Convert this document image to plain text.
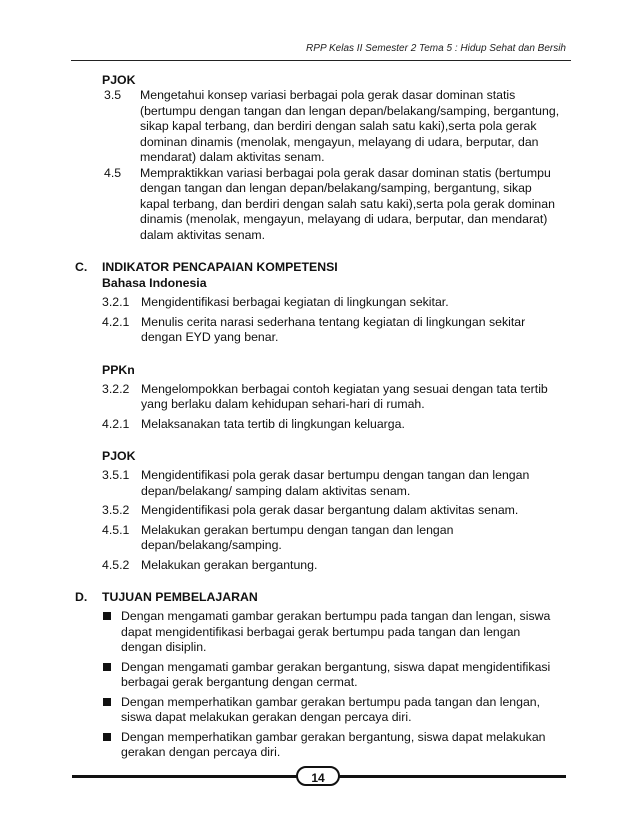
RPP Kelas II Semester 2 Tema 5 : Hidup Sehat dan Bersih
PJOK
3.5 Mengetahui konsep variasi berbagai pola gerak dasar dominan statis (bertumpu dengan tangan dan lengan depan/belakang/samping, bergantung, sikap kapal terbang, dan berdiri dengan salah satu kaki),serta pola gerak dominan dinamis (menolak, mengayun, melayang di udara, berputar, dan mendarat) dalam aktivitas senam.
4.5 Mempraktikkan variasi berbagai pola gerak dasar dominan statis (bertumpu dengan tangan dan lengan depan/belakang/samping, bergantung, sikap kapal terbang, dan berdiri dengan salah satu kaki),serta pola gerak dominan dinamis (menolak, mengayun, melayang di udara, berputar, dan mendarat) dalam aktivitas senam.
C. INDIKATOR PENCAPAIAN KOMPETENSI
Bahasa Indonesia
3.2.1 Mengidentifikasi berbagai kegiatan di lingkungan sekitar.
4.2.1 Menulis cerita narasi sederhana tentang kegiatan di lingkungan sekitar dengan EYD yang benar.
PPKn
3.2.2 Mengelompokkan berbagai contoh kegiatan yang sesuai dengan tata tertib yang berlaku dalam kehidupan sehari-hari di rumah.
4.2.1 Melaksanakan tata tertib di lingkungan keluarga.
PJOK
3.5.1 Mengidentifikasi pola gerak dasar bertumpu dengan tangan dan lengan depan/belakang/ samping dalam aktivitas senam.
3.5.2 Mengidentifikasi pola gerak dasar bergantung dalam aktivitas senam.
4.5.1 Melakukan gerakan bertumpu dengan tangan dan lengan depan/belakang/samping.
4.5.2 Melakukan gerakan bergantung.
D. TUJUAN PEMBELAJARAN
Dengan mengamati gambar gerakan bertumpu pada tangan dan lengan, siswa dapat mengidentifikasi berbagai gerak bertumpu pada tangan dan lengan dengan disiplin.
Dengan mengamati gambar gerakan bergantung, siswa dapat mengidentifikasi berbagai gerak bergantung dengan cermat.
Dengan memperhatikan gambar gerakan bertumpu pada tangan dan lengan, siswa dapat melakukan gerakan dengan percaya diri.
Dengan memperhatikan gambar gerakan bergantung, siswa dapat melakukan gerakan dengan percaya diri.
14
